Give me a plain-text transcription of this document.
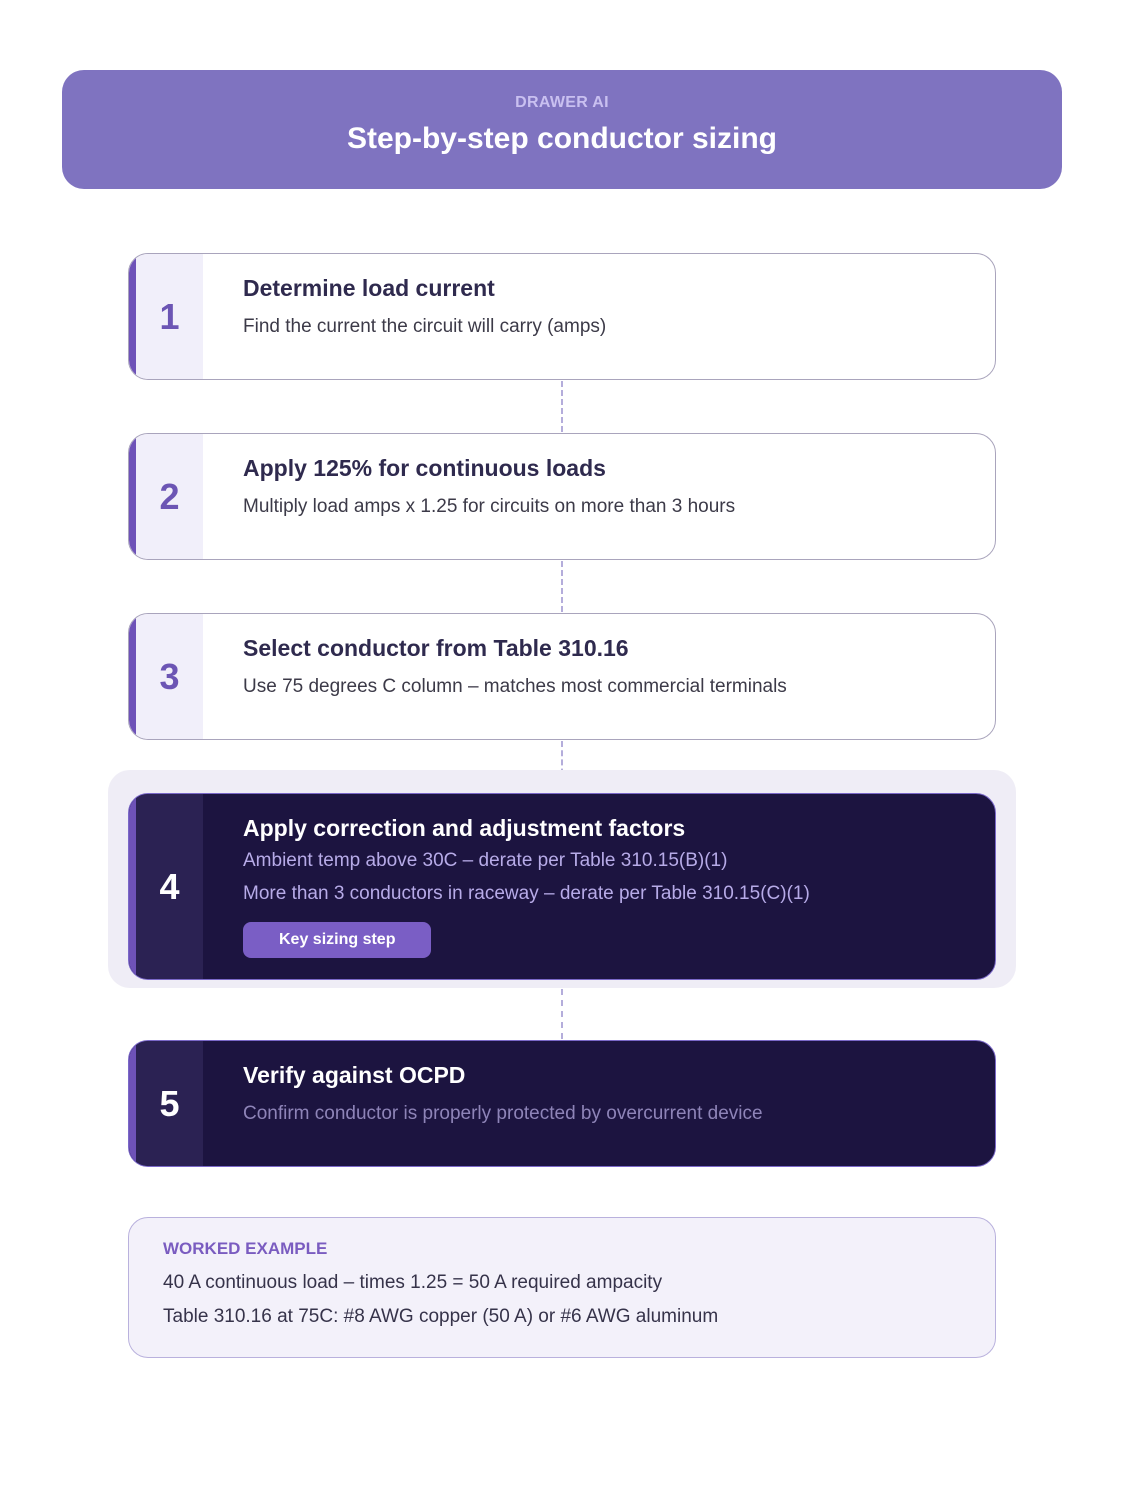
DRAWER AI
Step-by-step conductor sizing
1
Determine load current
Find the current the circuit will carry (amps)
2
Apply 125% for continuous loads
Multiply load amps x 1.25 for circuits on more than 3 hours
3
Select conductor from Table 310.16
Use 75 degrees C column – matches most commercial terminals
4
Apply correction and adjustment factors
Ambient temp above 30C – derate per Table 310.15(B)(1)
More than 3 conductors in raceway – derate per Table 310.15(C)(1)
Key sizing step
5
Verify against OCPD
Confirm conductor is properly protected by overcurrent device
WORKED EXAMPLE
40 A continuous load – times 1.25 = 50 A required ampacity
Table 310.16 at 75C: #8 AWG copper (50 A) or #6 AWG aluminum
